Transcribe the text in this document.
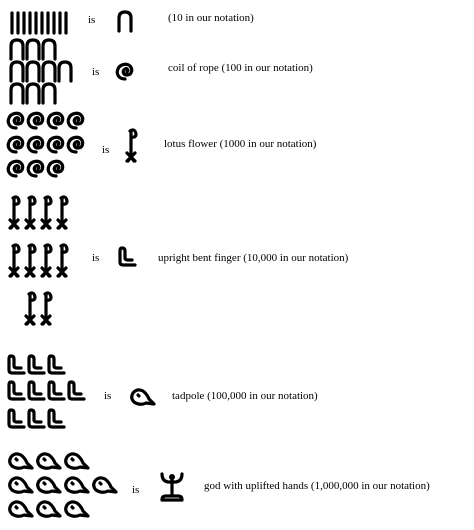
is	(10 in our notation)
is	coil of rope (100 in our notation)
is	lotus flower (1000 in our notation)
is	upright bent finger (10,000 in our notation)
is	tadpole (100,000 in our notation)
is	god with uplifted hands (1,000,000 in our notation)
